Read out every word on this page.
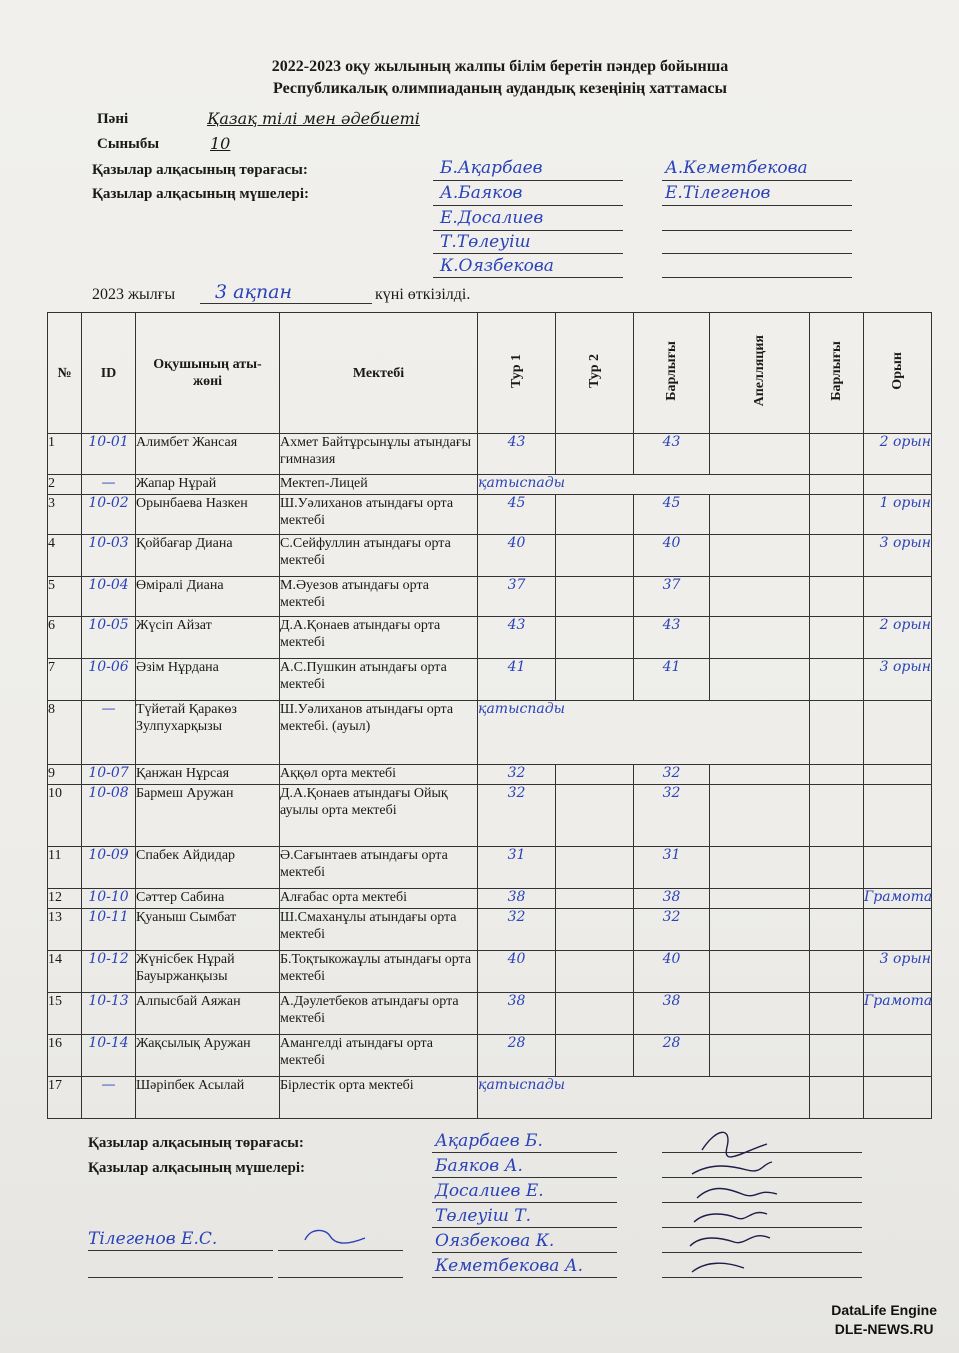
2022-2023 оқу жылының жалпы білім беретін пәндер бойынша
Республикалық олимпиаданың аудандық кезеңінің хаттамасы
Пәні	Қазақ тілі мен әдебиеті
Сыныбы	10
Қазылар алқасының төрағасы:
Қазылар алқасының мүшелері:
Б.Ақарбаев
А.Баяков
Е.Досалиев
Т.Төлеуіш
К.Оязбекова
А.Кеметбекова
Е.Тілегенов
2023 жылғы 3 ақпан	күні өткізілді.
№	ID	Оқушының аты-жөні	Мектебі	Тур 1	Тур 2	Барлығы	Апелляция	Барлығы	Орын
1	10-01	Алимбет Жансая	Ахмет Байтұрсынұлы атындағы гимназия	43		43			2 орын
2	—	Жапар Нұрай	Мектеп-Лицей	қатыспады					
3	10-02	Орынбаева Назкен	Ш.Уәлиханов атындағы орта мектебі	45		45			1 орын
4	10-03	Қойбағар Диана	С.Сейфуллин атындағы орта мектебі	40		40			3 орын
5	10-04	Өміралі Диана	М.Әуезов атындағы орта мектебі	37		37			
6	10-05	Жүсіп Айзат	Д.А.Қонаев атындағы орта мектебі	43		43			2 орын
7	10-06	Әзім Нұрдана	А.С.Пушкин атындағы орта мектебі	41		41			3 орын
8	—	Түйетай Қаракөз Зулпухарқызы	Ш.Уәлиханов атындағы орта мектебі. (ауыл)	қатыспады					
9	10-07	Қанжан Нұрсая	Аққөл орта мектебі	32		32			
10	10-08	Бармеш Аружан	Д.А.Қонаев атындағы Ойық ауылы орта мектебі	32		32			
11	10-09	Спабек Айдидар	Ә.Сағынтаев атындағы орта мектебі	31		31			
12	10-10	Сәттер Сабина	Алғабас орта мектебі	38		38			Грамота
13	10-11	Қуаныш Сымбат	Ш.Смаханұлы атындағы орта мектебі	32		32			
14	10-12	Жүнісбек Нұрай Бауыржанқызы	Б.Тоқтыкожаұлы атындағы орта мектебі	40		40			3 орын
15	10-13	Алпысбай Аяжан	А.Дәулетбеков атындағы орта мектебі	38		38			Грамота
16	10-14	Жақсылық Аружан	Амангелді атындағы орта мектебі	28		28			
17	—	Шәріпбек Асылай	Бірлестік орта мектебі	қатыспады					
Қазылар алқасының төрағасы:
Қазылар алқасының мүшелері:
Ақарбаев Б.
Баяков А.
Досалиев Е.
Төлеуіш Т.
Оязбекова К.
Кеметбекова А.
Тілегенов Е.С.
DataLife Engine
DLE-NEWS.RU
